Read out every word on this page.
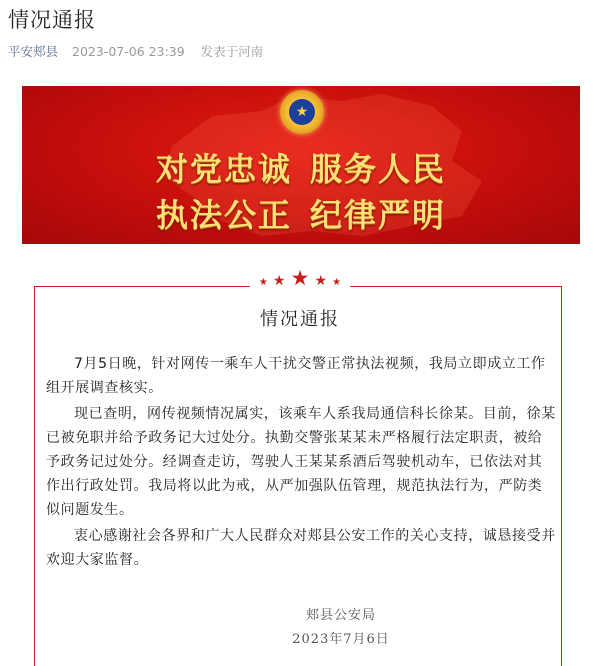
情况通报
平安郏县 2023-07-06 23:39 发表于河南
★
对党忠诚 服务人民
执法公正 纪律严明
★ ★ ★ ★ ★
情况通报

7月5日晚，针对网传一乘车人干扰交警正常执法视频，我局立即成立工作组开展调查核实。

现已查明，网传视频情况属实，该乘车人系我局通信科长徐某。目前，徐某已被免职并给予政务记大过处分。执勤交警张某某未严格履行法定职责，被给予政务记过处分。经调查走访，驾驶人王某某系酒后驾驶机动车，已依法对其作出行政处罚。我局将以此为戒，从严加强队伍管理，规范执法行为，严防类似问题发生。

衷心感谢社会各界和广大人民群众对郏县公安工作的关心支持，诚恳接受并欢迎大家监督。

郏县公安局
2023年7月6日
